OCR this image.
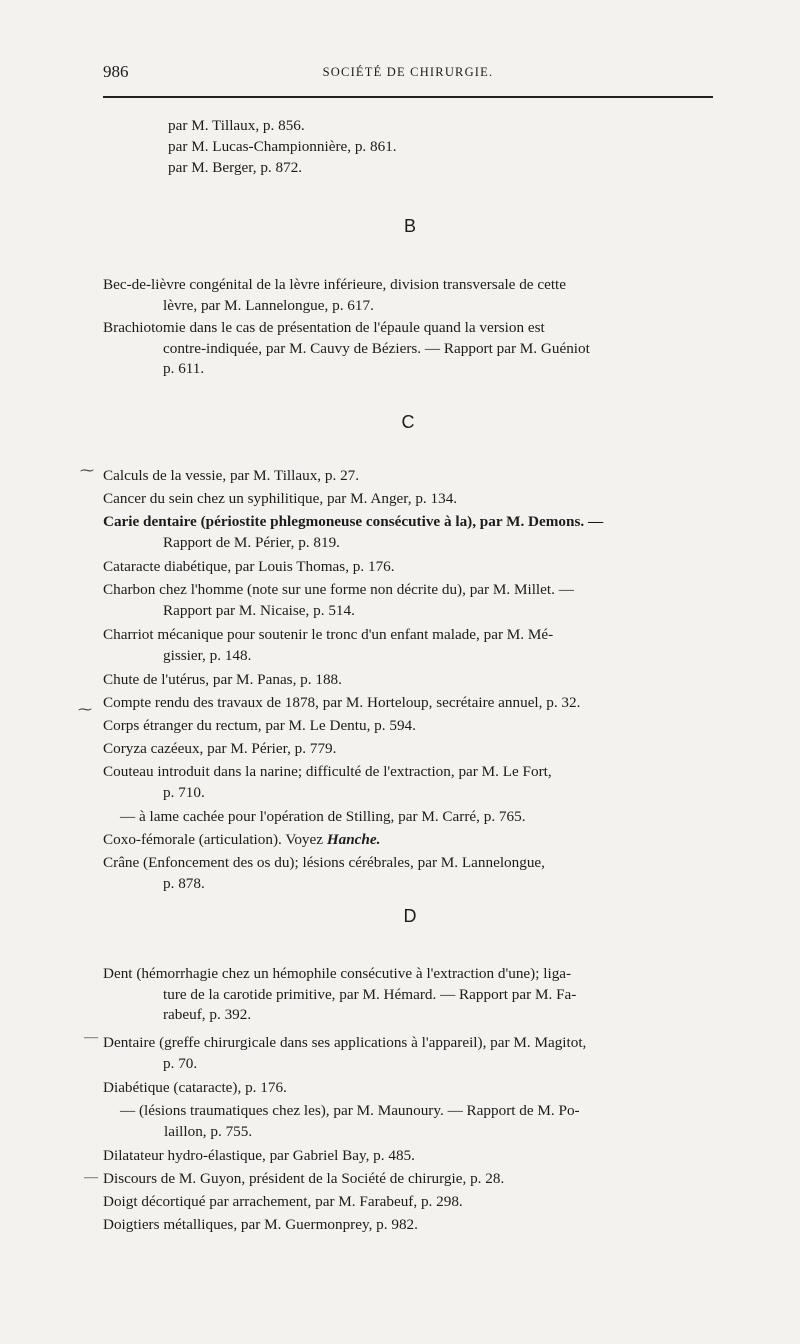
986	SOCIÉTÉ DE CHIRURGIE.
par M. Tillaux, p. 856.
par M. Lucas-Championnière, p. 861.
par M. Berger, p. 872.
B
Bec-de-lièvre congénital de la lèvre inférieure, division transversale de cette
lèvre, par M. Lannelongue, p. 617.
Brachiotomie dans le cas de présentation de l'épaule quand la version est
contre-indiquée, par M. Cauvy de Béziers. — Rapport par M. Guéniot
p. 611.
C
Calculs de la vessie, par M. Tillaux, p. 27.
Cancer du sein chez un syphilitique, par M. Anger, p. 134.
Carie dentaire (périostite phlegmoneuse consécutive à la), par M. Demons. —
Rapport de M. Périer, p. 819.
Cataracte diabétique, par Louis Thomas, p. 176.
Charbon chez l'homme (note sur une forme non décrite du), par M. Millet. —
Rapport par M. Nicaise, p. 514.
Charriot mécanique pour soutenir le tronc d'un enfant malade, par M. Mé-
gissier, p. 148.
Chute de l'utérus, par M. Panas, p. 188.
Compte rendu des travaux de 1878, par M. Horteloup, secrétaire annuel, p. 32.
Corps étranger du rectum, par M. Le Dentu, p. 594.
Coryza cazéeux, par M. Périer, p. 779.
Couteau introduit dans la narine; difficulté de l'extraction, par M. Le Fort,
p. 710.
— à lame cachée pour l'opération de Stilling, par M. Carré, p. 765.
Coxo-fémorale (articulation). Voyez Hanche.
Crâne (Enfoncement des os du); lésions cérébrales, par M. Lannelongue,
p. 878.
D
Dent (hémorrhagie chez un hémophile consécutive à l'extraction d'une); liga-
ture de la carotide primitive, par M. Hémard. — Rapport par M. Fa-
rabeuf, p. 392.
Dentaire (greffe chirurgicale dans ses applications à l'appareil), par M. Magitot,
p. 70.
Diabétique (cataracte), p. 176.
— (lésions traumatiques chez les), par M. Maunoury. — Rapport de M. Po-
laillon, p. 755.
Dilatateur hydro-élastique, par Gabriel Bay, p. 485.
Discours de M. Guyon, président de la Société de chirurgie, p. 28.
Doigt décortiqué par arrachement, par M. Farabeuf, p. 298.
Doigtiers métalliques, par M. Guermonprey, p. 982.
⁓
⁓
—
—
